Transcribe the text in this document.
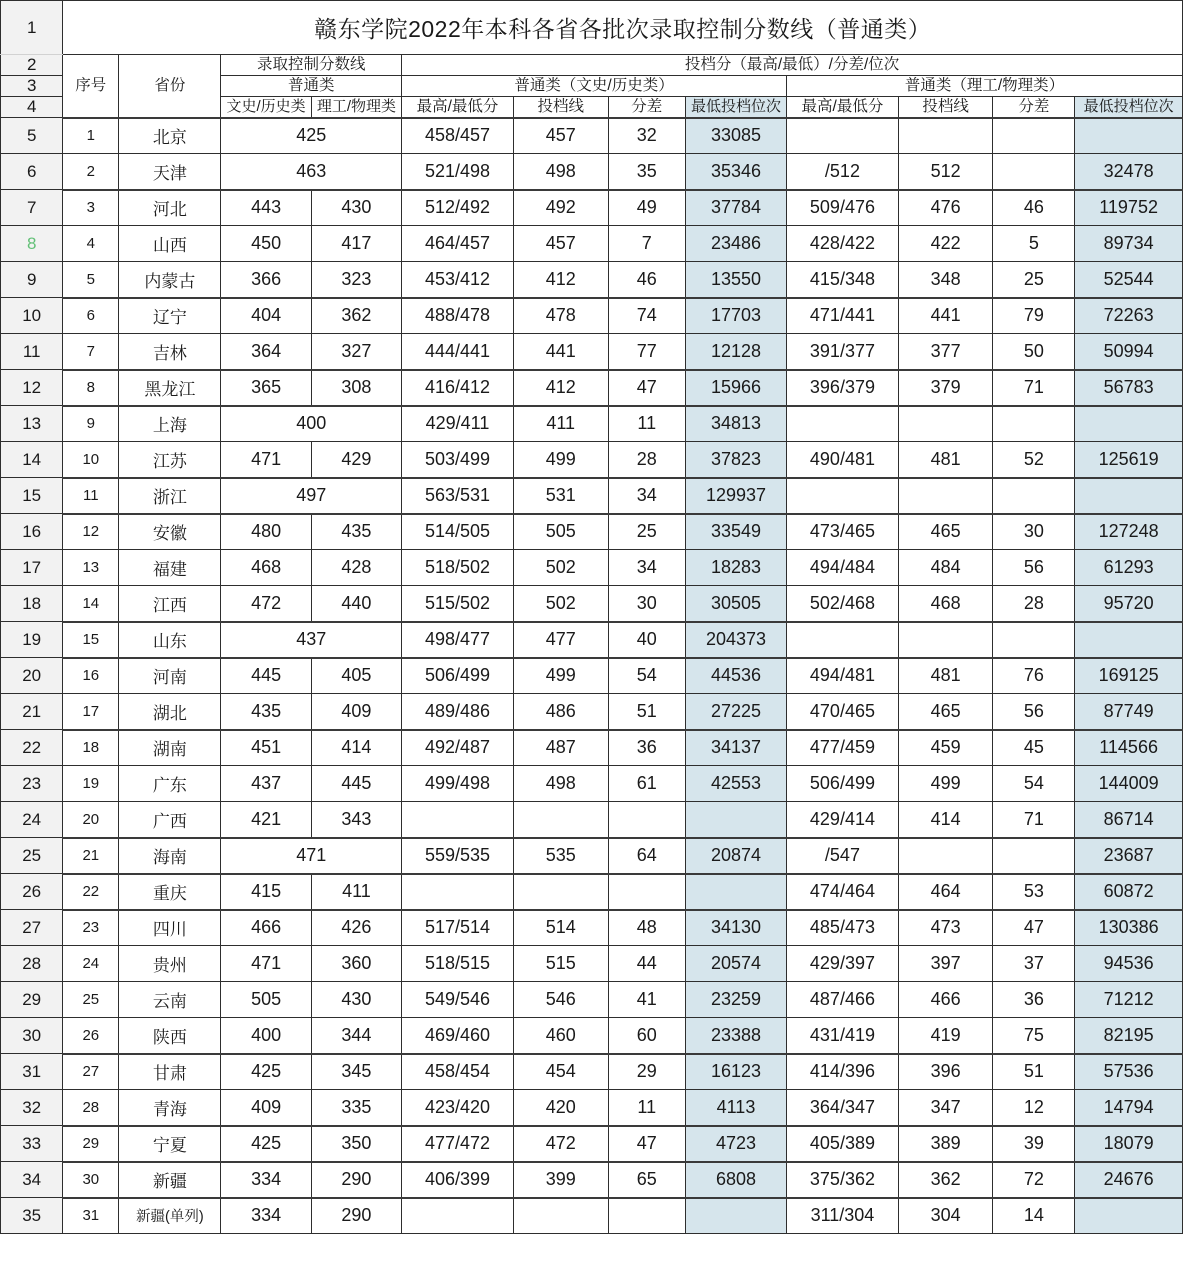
1	赣东学院2022年本科各省各批次录取控制分数线（普通类）											
2	序号	省份	录取控制分数线		投档分（最高/最低）/分差/位次							
3			普通类		普通类（文史/历史类）				普通类（理工/物理类）			
4			文史/历史类	理工/物理类	最高/最低分	投档线	分差	最低投档位次	最高/最低分	投档线	分差	最低投档位次
5	1	北京	425		458/457	457	32	33085				
6	2	天津	463		521/498	498	35	35346	/512	512		32478
7	3	河北	443	430	512/492	492	49	37784	509/476	476	46	119752
8	4	山西	450	417	464/457	457	7	23486	428/422	422	5	89734
9	5	内蒙古	366	323	453/412	412	46	13550	415/348	348	25	52544
10	6	辽宁	404	362	488/478	478	74	17703	471/441	441	79	72263
11	7	吉林	364	327	444/441	441	77	12128	391/377	377	50	50994
12	8	黑龙江	365	308	416/412	412	47	15966	396/379	379	71	56783
13	9	上海	400		429/411	411	11	34813				
14	10	江苏	471	429	503/499	499	28	37823	490/481	481	52	125619
15	11	浙江	497		563/531	531	34	129937				
16	12	安徽	480	435	514/505	505	25	33549	473/465	465	30	127248
17	13	福建	468	428	518/502	502	34	18283	494/484	484	56	61293
18	14	江西	472	440	515/502	502	30	30505	502/468	468	28	95720
19	15	山东	437		498/477	477	40	204373				
20	16	河南	445	405	506/499	499	54	44536	494/481	481	76	169125
21	17	湖北	435	409	489/486	486	51	27225	470/465	465	56	87749
22	18	湖南	451	414	492/487	487	36	34137	477/459	459	45	114566
23	19	广东	437	445	499/498	498	61	42553	506/499	499	54	144009
24	20	广西	421	343					429/414	414	71	86714
25	21	海南	471		559/535	535	64	20874	/547			23687
26	22	重庆	415	411					474/464	464	53	60872
27	23	四川	466	426	517/514	514	48	34130	485/473	473	47	130386
28	24	贵州	471	360	518/515	515	44	20574	429/397	397	37	94536
29	25	云南	505	430	549/546	546	41	23259	487/466	466	36	71212
30	26	陕西	400	344	469/460	460	60	23388	431/419	419	75	82195
31	27	甘肃	425	345	458/454	454	29	16123	414/396	396	51	57536
32	28	青海	409	335	423/420	420	11	4113	364/347	347	12	14794
33	29	宁夏	425	350	477/472	472	47	4723	405/389	389	39	18079
34	30	新疆	334	290	406/399	399	65	6808	375/362	362	72	24676
35	31	新疆(单列)	334	290					311/304	304	14	
